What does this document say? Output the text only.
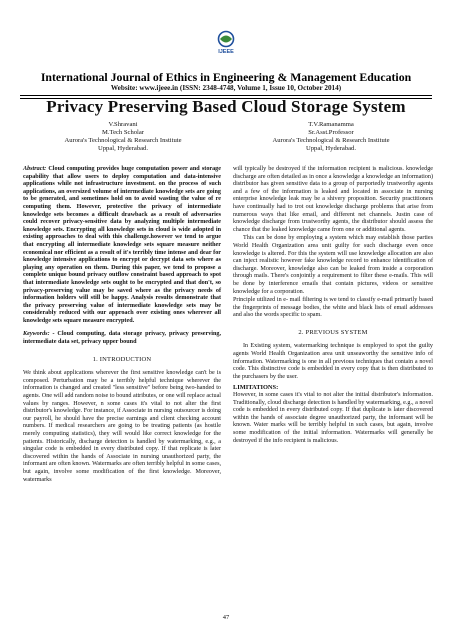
IJEEE
International Journal of Ethics in Engineering & Management Education
Website: www.ijeee.in (ISSN: 2348-4748, Volume 1, Issue 10, October 2014)
Privacy Preserving Based Cloud Storage System
V.Shravani
M.Tech Scholar
Aurora's Technological & Research Institute
Uppal, Hyderabad.
T.V.Ramanamma
Sr.Asst.Professor
Aurora's Technological & Research Institute
Uppal, Hyderabad.

Abstract: Cloud computing provides huge computation power and storage capability that allow users to deploy computation and data-intensive applications while not infrastructure investment. on the process of such applications, an oversized volume of intermediate knowledge sets are going to be generated, and sometimes hold on to avoid wasting the value of re computing them. However, protective the privacy of intermediate knowledge sets becomes a difficult drawback as a result of adversaries could recover privacy-sensitive data by analyzing multiple intermediate knowledge sets. Encrypting all knowledge sets in cloud is wide adopted in existing approaches to deal with this challenge.however we tend to argue that encrypting all intermediate knowledge sets square measure neither economical nor efficient as a result of it's terribly time intense and dear for knowledge intensive applications to encrypt or decrypt data sets where as playing any operation on them. During this paper, we tend to propose a complete unique bound privacy outflow constraint based approach to spot that intermediate knowledge sets ought to be encrypted and that don't, so privacy-preserving value may be saved where as the privacy needs of information holders will still be happy. Analysis results demonstrate that the privacy preserving value of intermediate knowledge sets may be considerably reduced with our approach over existing ones wherever all knowledge sets square measure encrypted.

Keywords: - Cloud computing, data storage privacy, privacy preserving, intermediate data set, privacy upper bound

1. INTRODUCTION

We think about applications wherever the first sensitive knowledge can't be is composed. Perturbation may be a terribly helpful technique wherever the information is changed and created "less sensitive" before being two-handed to agents. One will add random noise to bound attributes, or one will replace actual values by ranges. However, n some cases it's vital to not alter the first distributor's knowledge. For instance, if Associate in nursing outsourcer is doing our payroll, he should have the precise earnings and client checking account numbers. If medical researchers are going to be treating patients (as hostile merely computing statistics), they will would like correct knowledge for the patients. Historically, discharge detection is handled by watermarking, e.g., a singular code is embedded in every distributed copy. If that replicate is later discovered within the hands of Associate in nursing unauthorized party, the informant are often known. Watermarks are often terribly helpful in some cases, but again, involve some modification of the first knowledge. Moreover, watermarks

will typically be destroyed if the information recipient is malicious. knowledge discharge are often detailed as in once a knowledge a knowledge an information) distributor has given sensitive data to a group of purportedly trustworthy agents and a few of the information is leaked and located in associate in nursing enterprise knowledge leak may be a shivery proposition. Security practitioners have continually had to trot out knowledge discharge problems that arise from numerous ways that like email, and different net channels. Justin case of knowledge discharge from trustworthy agents, the distributor should assess the chance that the leaked knowledge came from one or additional agents.

This can be done by employing a system which may establish those parties World Health Organization area unit guilty for such discharge even once knowledge is altered. For this the system will use knowledge allocation are also can inject realistic however fake knowledge record to enhance identification of discharge. Moreover, knowledge also can be leaked from inside a corporation through mails. There's conjointly a requirement to filter these e-mails. This will be done by interference emails that contain pictures, videos or sensitive knowledge for a corporation.

Principle utilized in e- mail filtering is we tend to classify e-mail primarily based the fingerprints of message bodies, the white and black lists of email addresses and also the words specific to spam.

2. PREVIOUS SYSTEM

In Existing system, watermarking technique is employed to spot the guilty agents World Health Organization area unit unseaworthy the sensitive info of information. Watermarking is one in all previous techniques that contain a novel code. This distinctive code is embedded in every copy that is then distributed to the purchasers by the user.

LIMITATIONS:

However, in some cases it's vital to not alter the initial distributor's information. Traditionally, cloud discharge detection is handled by watermarking, e.g., a novel code is embedded in every distributed copy. If that duplicate is later discovered within the hands of associate degree unauthorized party, the informant will be known. Water marks will be terribly helpful in such cases, but again, involve some modification of the initial information. Watermarks will generally be destroyed if the info recipient is malicious.

47
